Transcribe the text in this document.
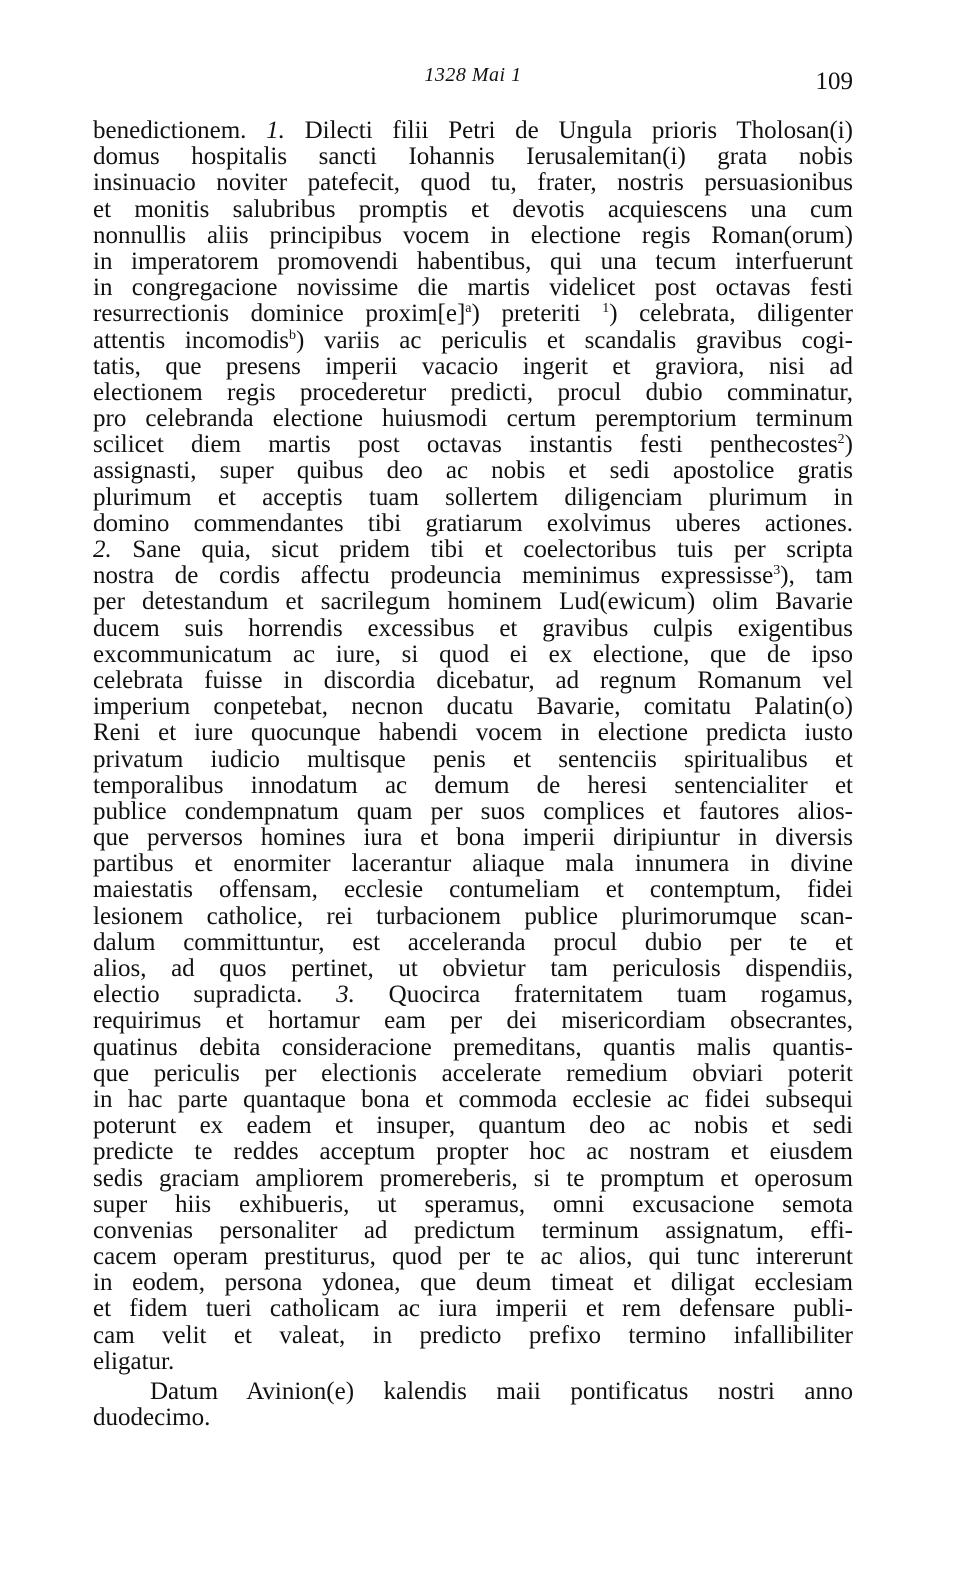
1328 Mai 1	109
benedictionem. 1. Dilecti filii Petri de Ungula prioris Tholosan(i)
domus hospitalis sancti Iohannis Ierusalemitan(i) grata nobis
insinuacio noviter patefecit, quod tu, frater, nostris persuasionibus
et monitis salubribus promptis et devotis acquiescens una cum
nonnullis aliis principibus vocem in electione regis Roman(orum)
in imperatorem promovendi habentibus, qui una tecum interfuerunt
in congregacione novissime die martis videlicet post octavas festi
resurrectionis dominice $proxim[e]^a$) preteriti $^1$) celebrata, diligenter
attentis incomodis$^b$) variis ac periculis et scandalis gravibus cogi-
tatis, que presens imperii vacacio ingerit et graviora, nisi ad
electionem regis procederetur predicti, procul dubio comminatur,
pro celebranda electione huiusmodi certum peremptorium terminum
scilicet diem martis post octavas instantis festi penthecostes$^2$)
assignasti, super quibus deo ac nobis et sedi apostolice gratis
plurimum et acceptis tuam sollertem diligenciam plurimum in
domino commendantes tibi gratiarum exolvimus uberes actiones.
2. Sane quia, sicut pridem tibi et coelectoribus tuis per scripta
nostra de cordis affectu prodeuncia meminimus expressisse$^3$), tam
per detestandum et sacrilegum hominem Lud(ewicum) olim Bavarie
ducem suis horrendis excessibus et gravibus culpis exigentibus
excommunicatum ac iure, si quod ei ex electione, que de ipso
celebrata fuisse in discordia dicebatur, ad regnum Romanum vel
imperium conpetebat, necnon ducatu Bavarie, comitatu Palatin(o)
Reni et iure quocunque habendi vocem in electione predicta iusto
privatum iudicio multisque penis et sentenciis spiritualibus et
temporalibus innodatum ac demum de heresi sentencialiter et
publice condempnatum quam per suos complices et fautores alios-
que perversos homines iura et bona imperii diripiuntur in diversis
partibus et enormiter lacerantur aliaque mala innumera in divine
maiestatis offensam, ecclesie contumeliam et contemptum, fidei
lesionem catholice, rei turbacionem publice plurimorumque scan-
dalum committuntur, est acceleranda procul dubio per te et
alios, ad quos pertinet, ut obvietur tam periculosis dispendiis,
electio supradicta. 3. Quocirca fraternitatem tuam rogamus,
requirimus et hortamur eam per dei misericordiam obsecrantes,
quatinus debita consideracione premeditans, quantis malis quantis-
que periculis per electionis accelerate remedium obviari poterit
in hac parte quantaque bona et commoda ecclesie ac fidei subsequi
poterunt ex eadem et insuper, quantum deo ac nobis et sedi
predicte te reddes acceptum propter hoc ac nostram et eiusdem
sedis graciam ampliorem promereberis, si te promptum et operosum
super hiis exhibueris, ut speramus, omni excusacione semota
convenias personaliter ad predictum terminum assignatum, effi-
cacem operam prestiturus, quod per te ac alios, qui tunc intererunt
in eodem, persona ydonea, que deum timeat et diligat ecclesiam
et fidem tueri catholicam ac iura imperii et rem defensare publi-
cam velit et valeat, in predicto prefixo termino infallibiliter
eligatur.
Datum Avinion(e) kalendis maii pontificatus nostri anno
duodecimo.
